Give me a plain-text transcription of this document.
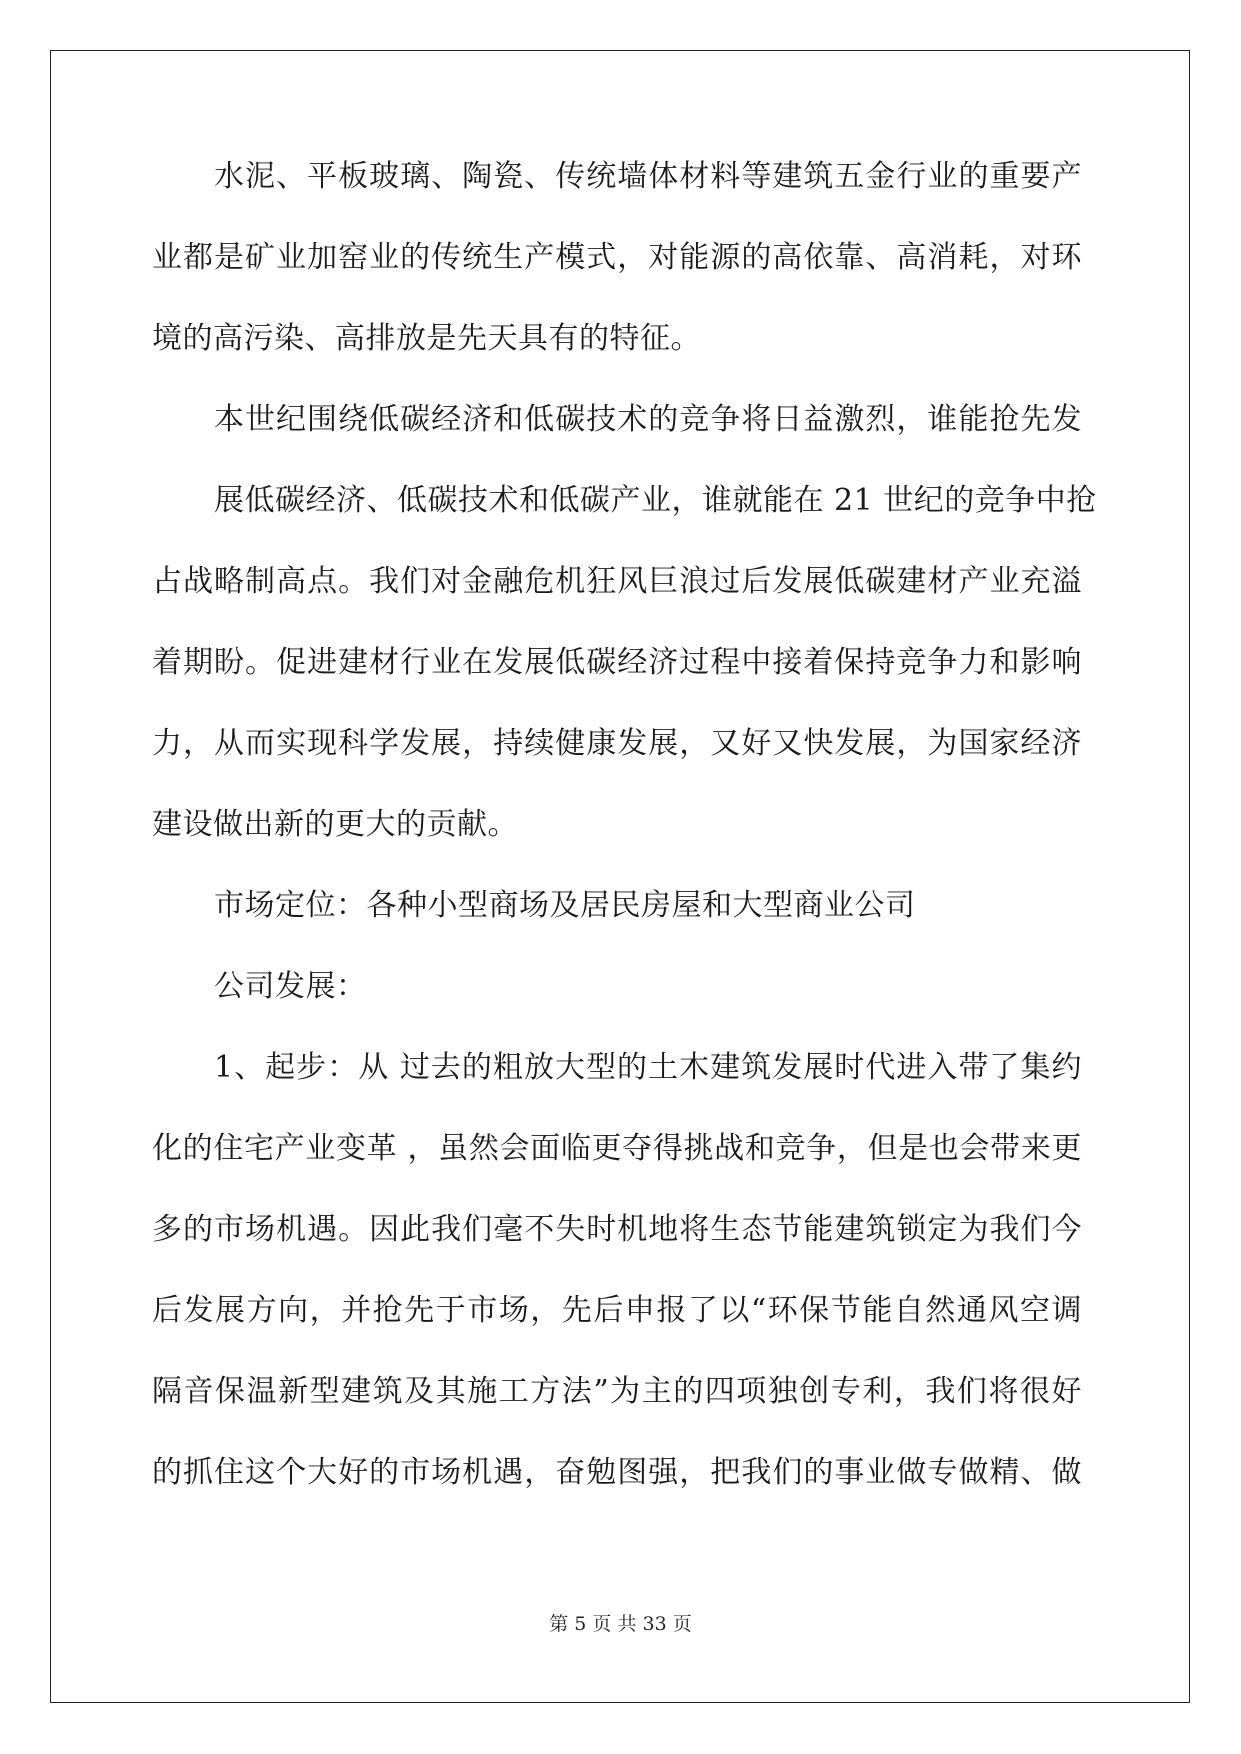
水泥、平板玻璃、陶瓷、传统墙体材料等建筑五金行业的重要产
业都是矿业加窑业的传统生产模式，对能源的高依靠、高消耗，对环
境的高污染、高排放是先天具有的特征。
本世纪围绕低碳经济和低碳技术的竞争将日益激烈，谁能抢先发
展低碳经济、低碳技术和低碳产业，谁就能在 21 世纪的竞争中抢
占战略制高点。我们对金融危机狂风巨浪过后发展低碳建材产业充溢
着期盼。促进建材行业在发展低碳经济过程中接着保持竞争力和影响
力，从而实现科学发展，持续健康发展，又好又快发展，为国家经济
建设做出新的更大的贡献。
市场定位：各种小型商场及居民房屋和大型商业公司
公司发展：
1、起步：从 过去的粗放大型的土木建筑发展时代进入带了集约
化的住宅产业变革 ，虽然会面临更夺得挑战和竞争，但是也会带来更
多的市场机遇。因此我们毫不失时机地将生态节能建筑锁定为我们今
后发展方向，并抢先于市场，先后申报了以“环保节能自然通风空调
隔音保温新型建筑及其施工方法”为主的四项独创专利，我们将很好
的抓住这个大好的市场机遇，奋勉图强，把我们的事业做专做精、做
第 5 页 共 33 页
